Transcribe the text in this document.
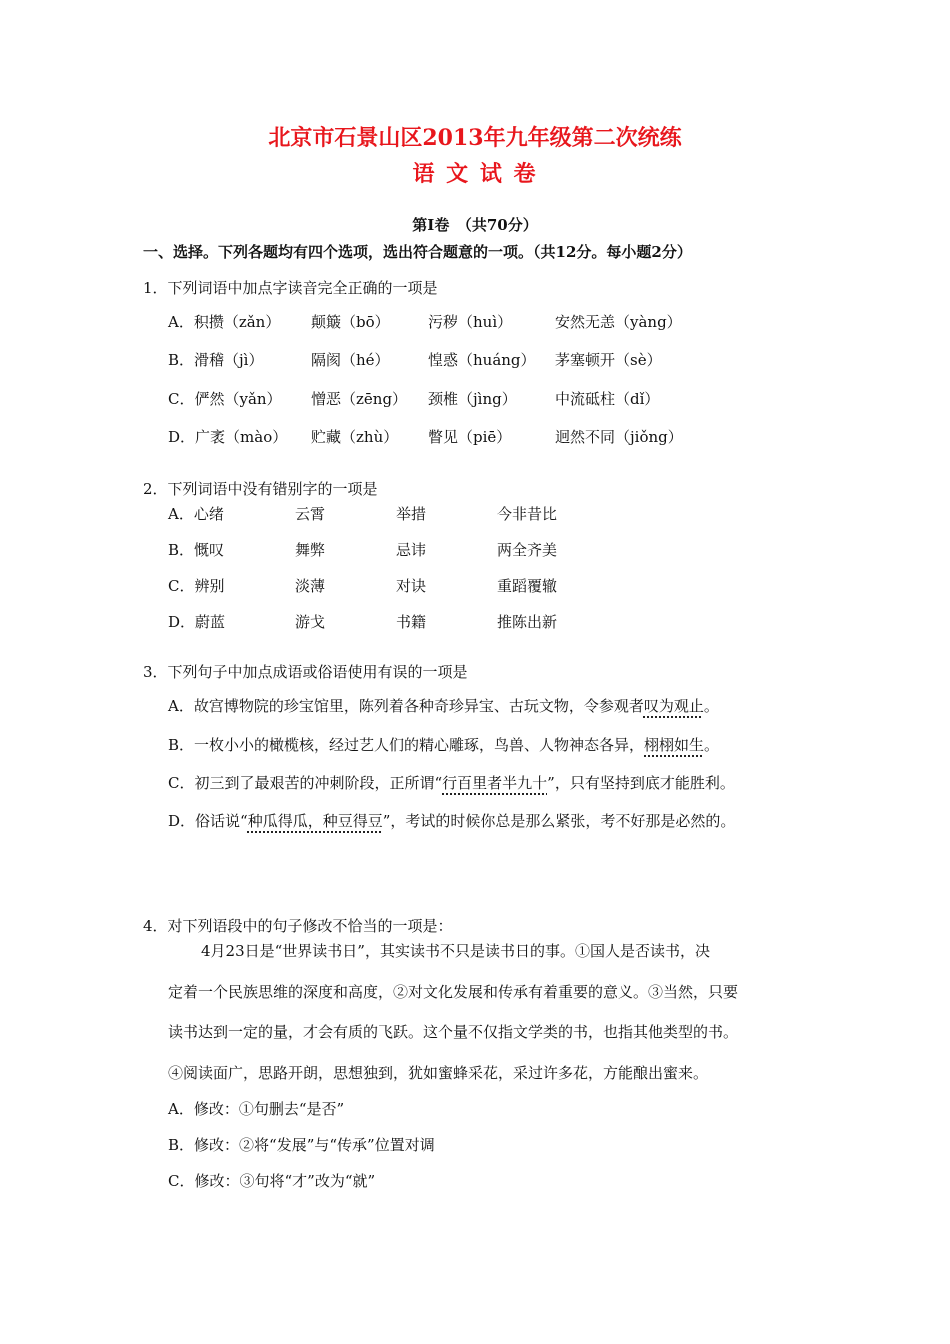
北京市石景山区2013年九年级第二次统练
语 文 试 卷
第Ⅰ卷　（共70分）
一、选择。下列各题均有四个选项，选出符合题意的一项。（共12分。每小题2分）
1．下列词语中加点字读音完全正确的一项是
A．积攒（zǎn） 颠簸（bō）	污秽（huì）	安然无恙（yàng）
B．滑稽（jì）	隔阂（hé）	惶惑（huáng） 茅塞顿开（sè）
C．俨然（yǎn） 憎恶（zēng） 颈椎（jìng）	中流砥柱（dǐ）
D．广袤（mào） 贮藏（zhù） 瞥见（piē）	迥然不同（jiǒng）
2．下列词语中没有错别字的一项是
A．心绪	云霄	举措	今非昔比
B．慨叹	舞弊	忌讳	两全齐美
C．辨别	淡薄	对诀	重蹈覆辙
D．蔚蓝	游戈	书籍	推陈出新
3．下列句子中加点成语或俗语使用有误的一项是
A．故宫博物院的珍宝馆里，陈列着各种奇珍异宝、古玩文物，令参观者叹为观止。
B．一枚小小的橄榄核，经过艺人们的精心雕琢，鸟兽、人物神态各异，栩栩如生。
C．初三到了最艰苦的冲刺阶段，正所谓“行百里者半九十”，只有坚持到底才能胜利。
D．俗话说“种瓜得瓜，种豆得豆”，考试的时候你总是那么紧张，考不好那是必然的。
4．对下列语段中的句子修改不恰当的一项是：
4月23日是“世界读书日”，其实读书不只是读书日的事。①国人是否读书，决
定着一个民族思维的深度和高度，②对文化发展和传承有着重要的意义。③当然，只要
读书达到一定的量，才会有质的飞跃。这个量不仅指文学类的书，也指其他类型的书。
④阅读面广，思路开朗，思想独到，犹如蜜蜂采花，采过许多花，方能酿出蜜来。
A．修改：①句删去“是否”
B．修改：②将“发展”与“传承”位置对调
C．修改：③句将“才”改为“就”
